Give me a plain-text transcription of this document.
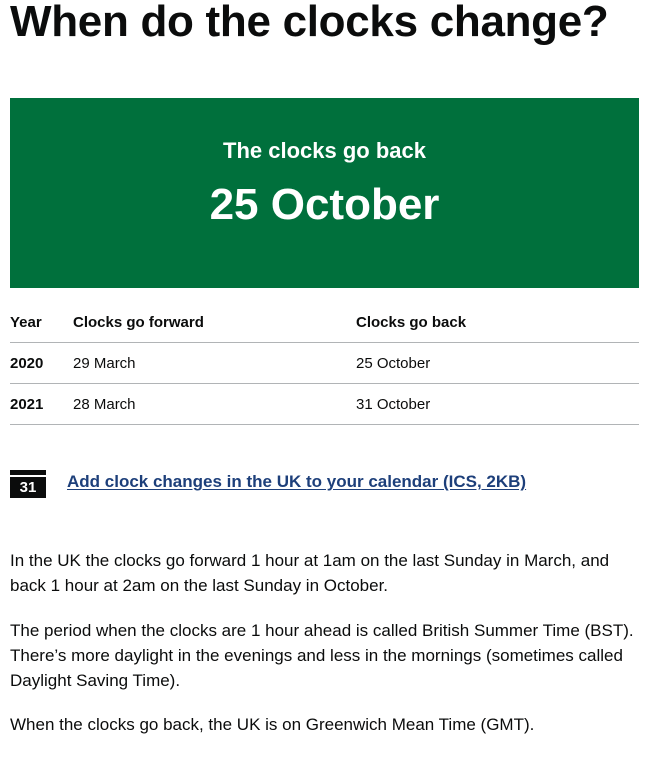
When do the clocks change?
The clocks go back
25 October
Year	Clocks go forward	Clocks go back
2020	29 March	25 October
2021	28 March	31 October
31	Add clock changes in the UK to your calendar (ICS, 2KB)

In the UK the clocks go forward 1 hour at 1am on the last Sunday in March, and back 1 hour at 2am on the last Sunday in October.

The period when the clocks are 1 hour ahead is called British Summer Time (BST). There’s more daylight in the evenings and less in the mornings (sometimes called Daylight Saving Time).

When the clocks go back, the UK is on Greenwich Mean Time (GMT).
